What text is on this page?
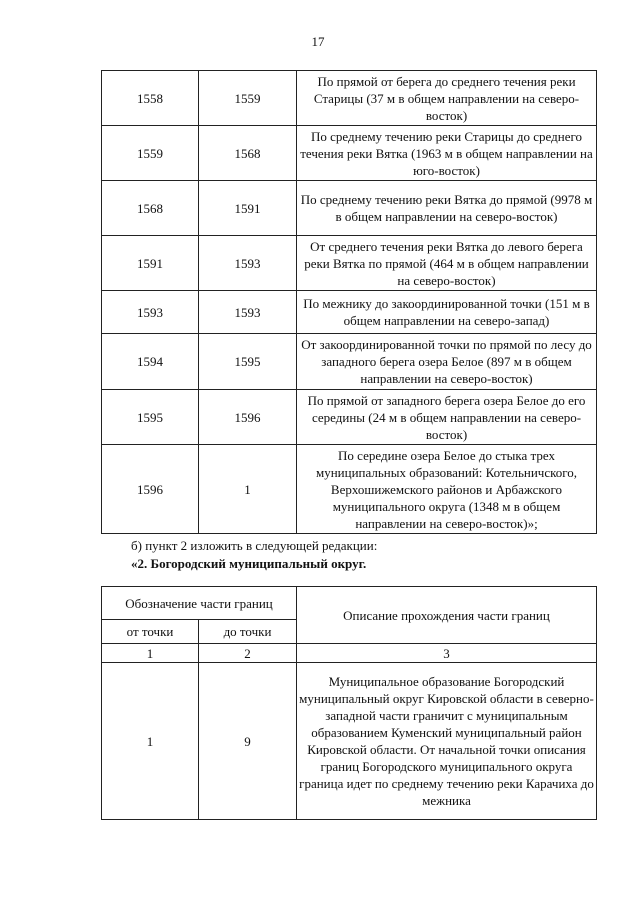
17
1558	1559	По прямой от берега до среднего течения реки Старицы (37 м в общем направлении на северо-восток)
1559	1568	По среднему течению реки Старицы до среднего течения реки Вятка (1963 м в общем направлении на юго-восток)
1568	1591	По среднему течению реки Вятка до прямой (9978 м в общем направлении на северо-восток)
1591	1593	От среднего течения реки Вятка до левого берега реки Вятка по прямой (464 м в общем направлении на северо-восток)
1593	1593	По межнику до закоординированной точки (151 м в общем направлении на северо-запад)
1594	1595	От закоординированной точки по прямой по лесу до западного берега озера Белое (897 м в общем направлении на северо-восток)
1595	1596	По прямой от западного берега озера Белое до его середины (24 м в общем направлении на северо-восток)
1596	1	По середине озера Белое до стыка трех муниципальных образований: Котельничского, Верхошижемского районов и Арбажского муниципального округа (1348 м в общем направлении на северо-восток)»;
б) пункт 2 изложить в следующей редакции:
«2. Богородский муниципальный округ.
Обозначение части границ		Описание прохождения части границ
от точки	до точки	
1	2	3
1	9	Муниципальное образование Богородский муниципальный округ Кировской области в северно-западной части граничит с муниципальным образованием Куменский муниципальный район Кировской области. От начальной точки описания границ Богородского муниципального округа граница идет по среднему течению реки Карачиха до межника
